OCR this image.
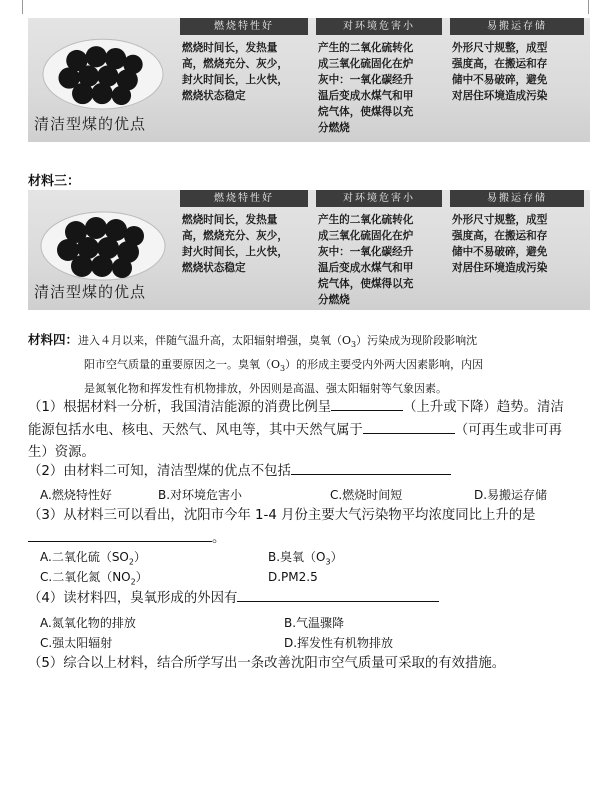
清洁型煤的优点
燃烧特性好
燃烧时间长，发热量
高，燃烧充分、灰少，
封火时间长，上火快，
燃烧状态稳定
对环境危害小
产生的二氧化硫转化
成三氧化硫固化在炉
灰中：一氧化碳经升
温后变成水煤气和甲
烷气体，使煤得以充
分燃烧
易搬运存储
外形尺寸规整，成型
强度高，在搬运和存
储中不易破碎，避免
对居住环境造成污染
材料三：
清洁型煤的优点
燃烧特性好
燃烧时间长，发热量
高，燃烧充分、灰少，
封火时间长，上火快，
燃烧状态稳定
对环境危害小
产生的二氧化硫转化
成三氧化硫固化在炉
灰中：一氧化碳经升
温后变成水煤气和甲
烷气体，使煤得以充
分燃烧
易搬运存储
外形尺寸规整，成型
强度高，在搬运和存
储中不易破碎，避免
对居住环境造成污染
材料四：进入４月以来，伴随气温升高，太阳辐射增强，臭氧$(O_3)$污染成为现阶段影响沈
阳市空气质量的重要原因之一。臭氧$(O_3)$的形成主要受内外两大因素影响，内因
是氮氧化物和挥发性有机物排放，外因则是高温、强太阳辐射等气象因素。
（1）根据材料一分析，我国清洁能源的消费比例呈	（上升或下降）趋势。清洁
能源包括水电、核电、天然气、风电等，其中天然气属于	（可再生或非可再
生）资源。
（2）由材料二可知，清洁型煤的优点不包括
A.燃烧特性好	B.对环境危害小	C.燃烧时间短	D.易搬运存储
（3）从材料三可以看出，沈阳市今年 1-4 月份主要大气污染物平均浓度同比上升的是
。
A.二氧化硫$(SO_2)$	B.臭氧$(O_3)$
C.二氧化氮$(NO_2)$	D.PM2.5
（4）读材料四，臭氧形成的外因有
A.氮氧化物的排放	B.气温骤降
C.强太阳辐射	D.挥发性有机物排放
（5）综合以上材料，结合所学写出一条改善沈阳市空气质量可采取的有效措施。
